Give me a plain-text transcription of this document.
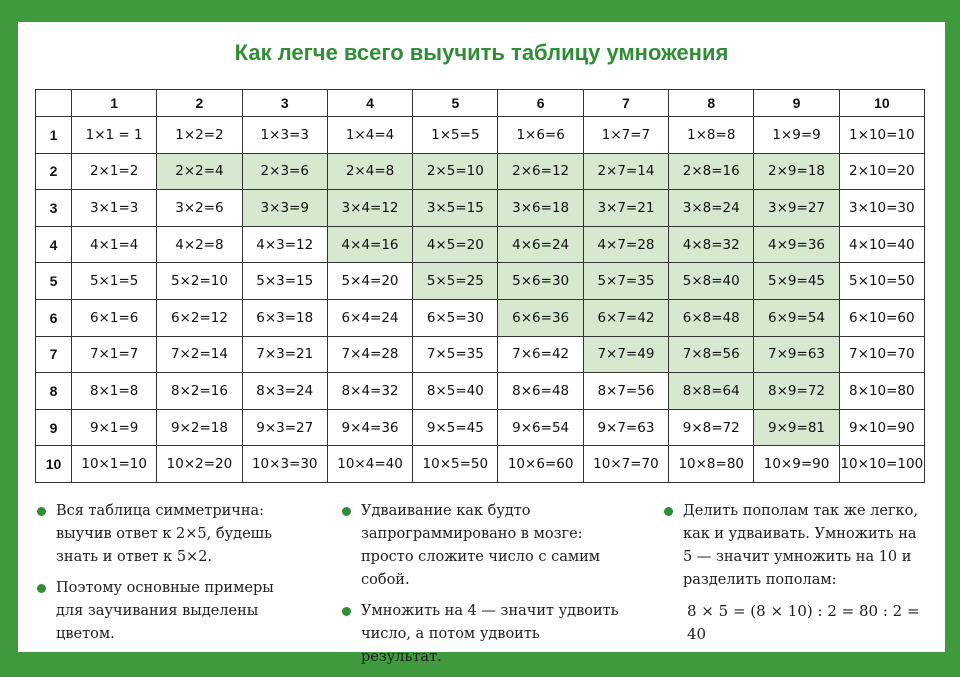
Как легче всего выучить таблицу умножения
	1	2	3	4	5	6	7	8	9	10
1	1×1 = 1	1×2=2	1×3=3	1×4=4	1×5=5	1×6=6	1×7=7	1×8=8	1×9=9	1×10=10
2	2×1=2	2×2=4	2×3=6	2×4=8	2×5=10	2×6=12	2×7=14	2×8=16	2×9=18	2×10=20
3	3×1=3	3×2=6	3×3=9	3×4=12	3×5=15	3×6=18	3×7=21	3×8=24	3×9=27	3×10=30
4	4×1=4	4×2=8	4×3=12	4×4=16	4×5=20	4×6=24	4×7=28	4×8=32	4×9=36	4×10=40
5	5×1=5	5×2=10	5×3=15	5×4=20	5×5=25	5×6=30	5×7=35	5×8=40	5×9=45	5×10=50
6	6×1=6	6×2=12	6×3=18	6×4=24	6×5=30	6×6=36	6×7=42	6×8=48	6×9=54	6×10=60
7	7×1=7	7×2=14	7×3=21	7×4=28	7×5=35	7×6=42	7×7=49	7×8=56	7×9=63	7×10=70
8	8×1=8	8×2=16	8×3=24	8×4=32	8×5=40	8×6=48	8×7=56	8×8=64	8×9=72	8×10=80
9	9×1=9	9×2=18	9×3=27	9×4=36	9×5=45	9×6=54	9×7=63	9×8=72	9×9=81	9×10=90
10	10×1=10	10×2=20	10×3=30	10×4=40	10×5=50	10×6=60	10×7=70	10×8=80	10×9=90	10×10=100
Вся таблица симметрична: выучив ответ к 2×5, будешь знать и ответ к 5×2.
Поэтому основные примеры для заучивания выделены цветом.
Удваивание как будто запрограммировано в мозге: просто сложите число с самим собой.
Умножить на 4 — значит удвоить число, а потом удвоить результат.
Делить пополам так же легко, как и удваивать. Умножить на 5 — значит умножить на 10 и разделить пополам:
8 × 5 = (8 × 10) : 2 = 80 : 2 = 40
